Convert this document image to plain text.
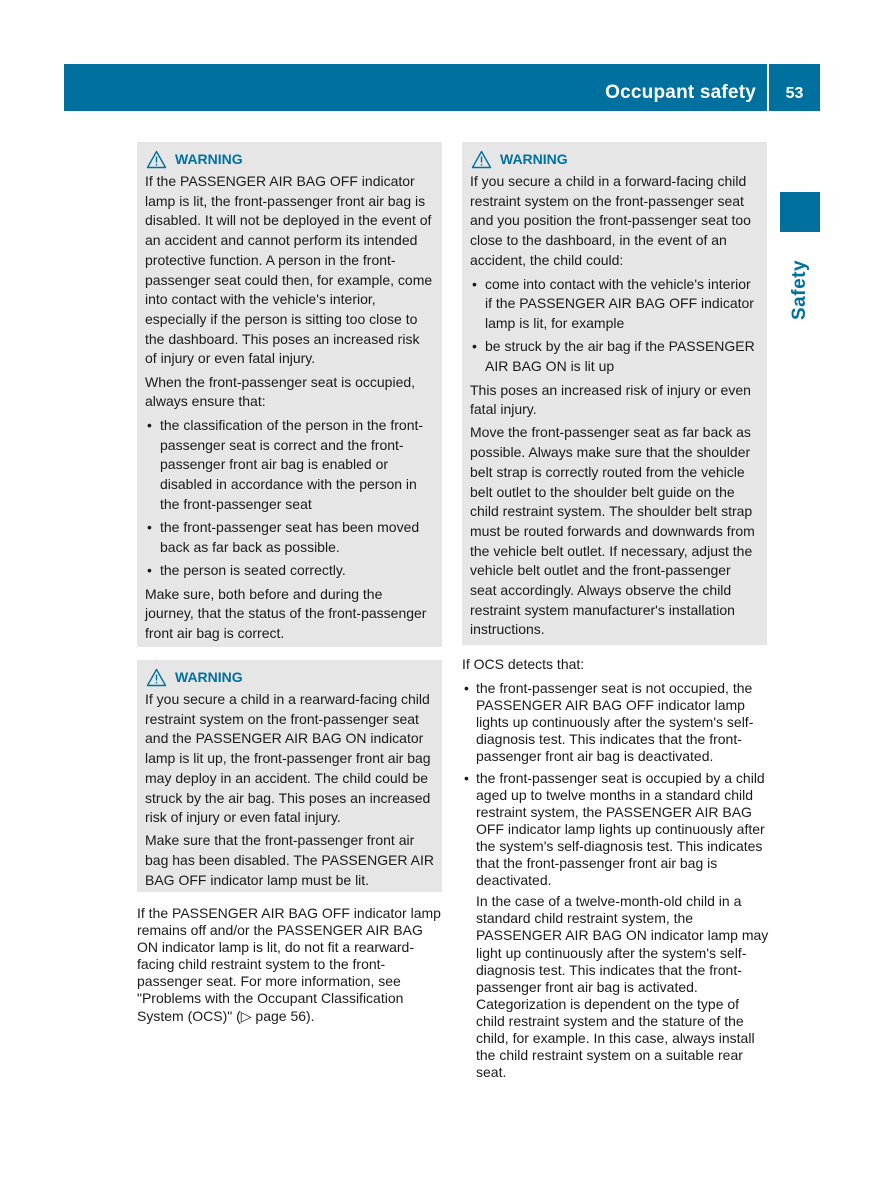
Occupant safety	53
Safety
WARNING

If the PASSENGER AIR BAG OFF indicator lamp is lit, the front-passenger front air bag is disabled. It will not be deployed in the event of an accident and cannot perform its intended protective function. A person in the front-passenger seat could then, for example, come into contact with the vehicle's interior, especially if the person is sitting too close to the dashboard. This poses an increased risk of injury or even fatal injury.

When the front-passenger seat is occupied, always ensure that:

• the classification of the person in the front-passenger seat is correct and the front-passenger front air bag is enabled or disabled in accordance with the person in the front-passenger seat
• the front-passenger seat has been moved back as far back as possible.
• the person is seated correctly.

Make sure, both before and during the journey, that the status of the front-passenger front air bag is correct.

WARNING

If you secure a child in a rearward-facing child restraint system on the front-passenger seat and the PASSENGER AIR BAG ON indicator lamp is lit up, the front-passenger front air bag may deploy in an accident. The child could be struck by the air bag. This poses an increased risk of injury or even fatal injury.

Make sure that the front-passenger front air bag has been disabled. The PASSENGER AIR BAG OFF indicator lamp must be lit.

If the PASSENGER AIR BAG OFF indicator lamp remains off and/or the PASSENGER AIR BAG ON indicator lamp is lit, do not fit a rearward-facing child restraint system to the front-passenger seat. For more information, see "Problems with the Occupant Classification System (OCS)" (▷ page 56).

WARNING

If you secure a child in a forward-facing child restraint system on the front-passenger seat and you position the front-passenger seat too close to the dashboard, in the event of an accident, the child could:

• come into contact with the vehicle's interior if the PASSENGER AIR BAG OFF indicator lamp is lit, for example
• be struck by the air bag if the PASSENGER AIR BAG ON is lit up

This poses an increased risk of injury or even fatal injury.

Move the front-passenger seat as far back as possible. Always make sure that the shoulder belt strap is correctly routed from the vehicle belt outlet to the shoulder belt guide on the child restraint system. The shoulder belt strap must be routed forwards and downwards from the vehicle belt outlet. If necessary, adjust the vehicle belt outlet and the front-passenger seat accordingly. Always observe the child restraint system manufacturer's installation instructions.

If OCS detects that:

• the front-passenger seat is not occupied, the PASSENGER AIR BAG OFF indicator lamp lights up continuously after the system's self-diagnosis test. This indicates that the front-passenger front air bag is deactivated.
• the front-passenger seat is occupied by a child aged up to twelve months in a standard child restraint system, the PASSENGER AIR BAG OFF indicator lamp lights up continuously after the system's self-diagnosis test. This indicates that the front-passenger front air bag is deactivated.
In the case of a twelve-month-old child in a standard child restraint system, the PASSENGER AIR BAG ON indicator lamp may light up continuously after the system's self-diagnosis test. This indicates that the front-passenger front air bag is activated. Categorization is dependent on the type of child restraint system and the stature of the child, for example. In this case, always install the child restraint system on a suitable rear seat.
